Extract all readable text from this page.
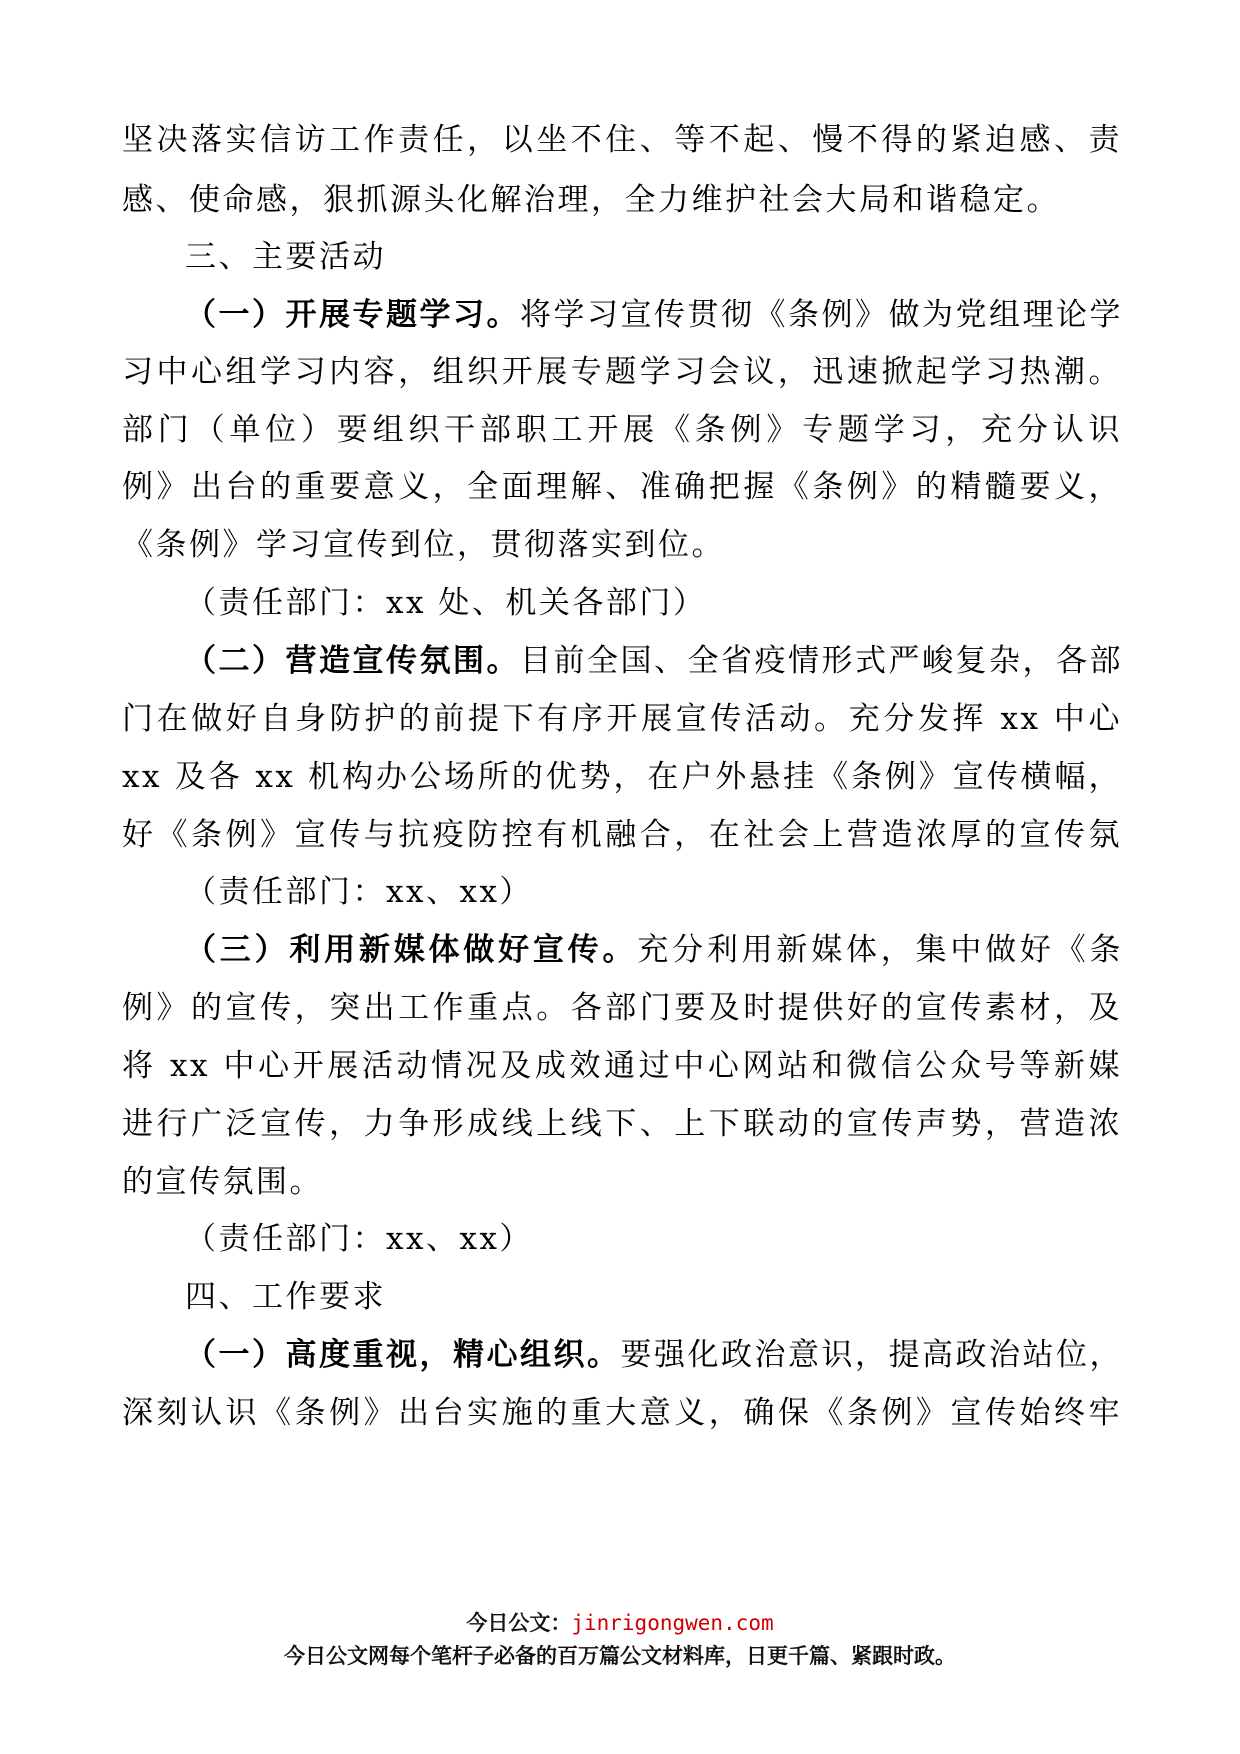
坚决落实信访工作责任，以坐不住、等不起、慢不得的紧迫感、责
感、使命感，狠抓源头化解治理，全力维护社会大局和谐稳定。
三、主要活动
（一）开展专题学习。将学习宣传贯彻《条例》做为党组理论学
习中心组学习内容，组织开展专题学习会议，迅速掀起学习热潮。
部门（单位）要组织干部职工开展《条例》专题学习，充分认识
例》出台的重要意义，全面理解、准确把握《条例》的精髓要义，
《条例》学习宣传到位，贯彻落实到位。
（责任部门：xx 处、机关各部门）
（二）营造宣传氛围。目前全国、全省疫情形式严峻复杂，各部
门在做好自身防护的前提下有序开展宣传活动。充分发挥 xx 中心
xx 及各 xx 机构办公场所的优势，在户外悬挂《条例》宣传横幅，
好《条例》宣传与抗疫防控有机融合，在社会上营造浓厚的宣传氛
（责任部门：xx、xx）
（三）利用新媒体做好宣传。充分利用新媒体，集中做好《条
例》的宣传，突出工作重点。各部门要及时提供好的宣传素材，及
将 xx 中心开展活动情况及成效通过中心网站和微信公众号等新媒
进行广泛宣传，力争形成线上线下、上下联动的宣传声势，营造浓
的宣传氛围。
（责任部门：xx、xx）
四、工作要求
（一）高度重视，精心组织。要强化政治意识，提高政治站位，
深刻认识《条例》出台实施的重大意义，确保《条例》宣传始终牢
今日公文：jinrigongwen.com
今日公文网每个笔杆子必备的百万篇公文材料库，日更千篇、紧跟时政。
